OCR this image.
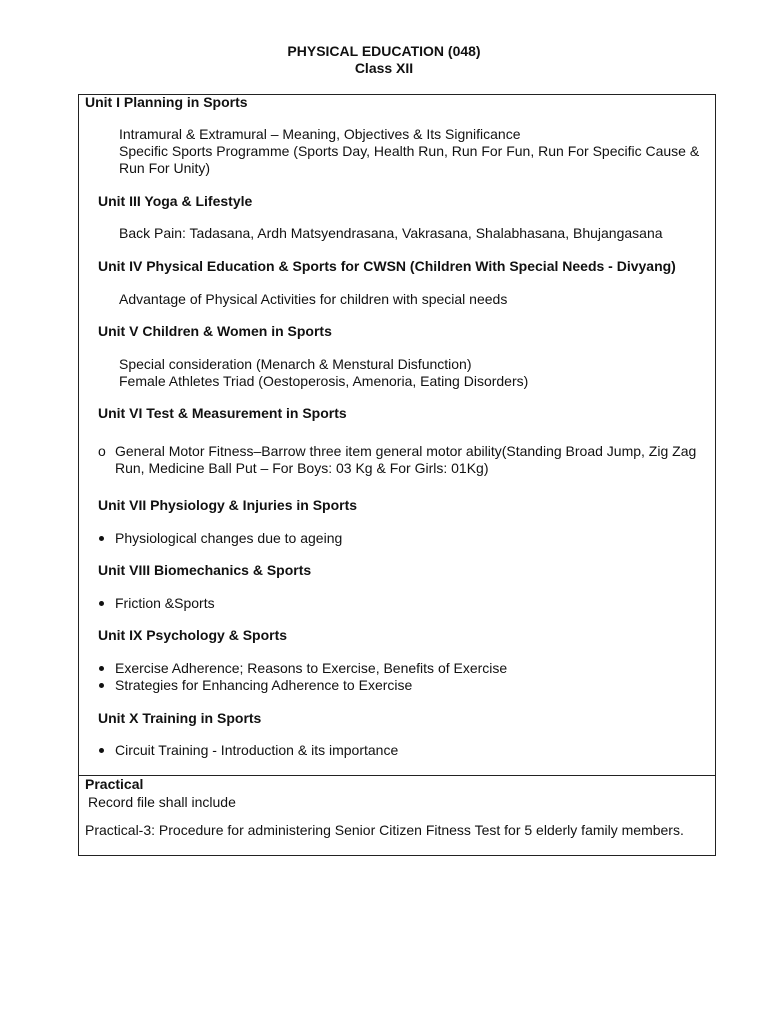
PHYSICAL EDUCATION (048)
Class XII
Unit I Planning in Sports
Intramural & Extramural – Meaning, Objectives & Its Significance
Specific Sports Programme (Sports Day, Health Run, Run For Fun, Run For Specific Cause &
Run For Unity)
Unit III Yoga & Lifestyle
Back Pain: Tadasana, Ardh Matsyendrasana, Vakrasana, Shalabhasana, Bhujangasana
Unit IV Physical Education & Sports for CWSN (Children With Special Needs - Divyang)
Advantage of Physical Activities for children with special needs
Unit V Children & Women in Sports
Special consideration (Menarch & Menstural Disfunction)
Female Athletes Triad (Oestoperosis, Amenoria, Eating Disorders)
Unit VI Test & Measurement in Sports
o General Motor Fitness–Barrow three item general motor ability(Standing Broad Jump, Zig Zag
Run, Medicine Ball Put – For Boys: 03 Kg & For Girls: 01Kg)
Unit VII Physiology & Injuries in Sports
Physiological changes due to ageing
Unit VIII Biomechanics & Sports
Friction &Sports
Unit IX Psychology & Sports
Exercise Adherence; Reasons to Exercise, Benefits of Exercise
Strategies for Enhancing Adherence to Exercise
Unit X Training in Sports
Circuit Training - Introduction & its importance
Practical
Record file shall include
Practical-3: Procedure for administering Senior Citizen Fitness Test for 5 elderly family members.
